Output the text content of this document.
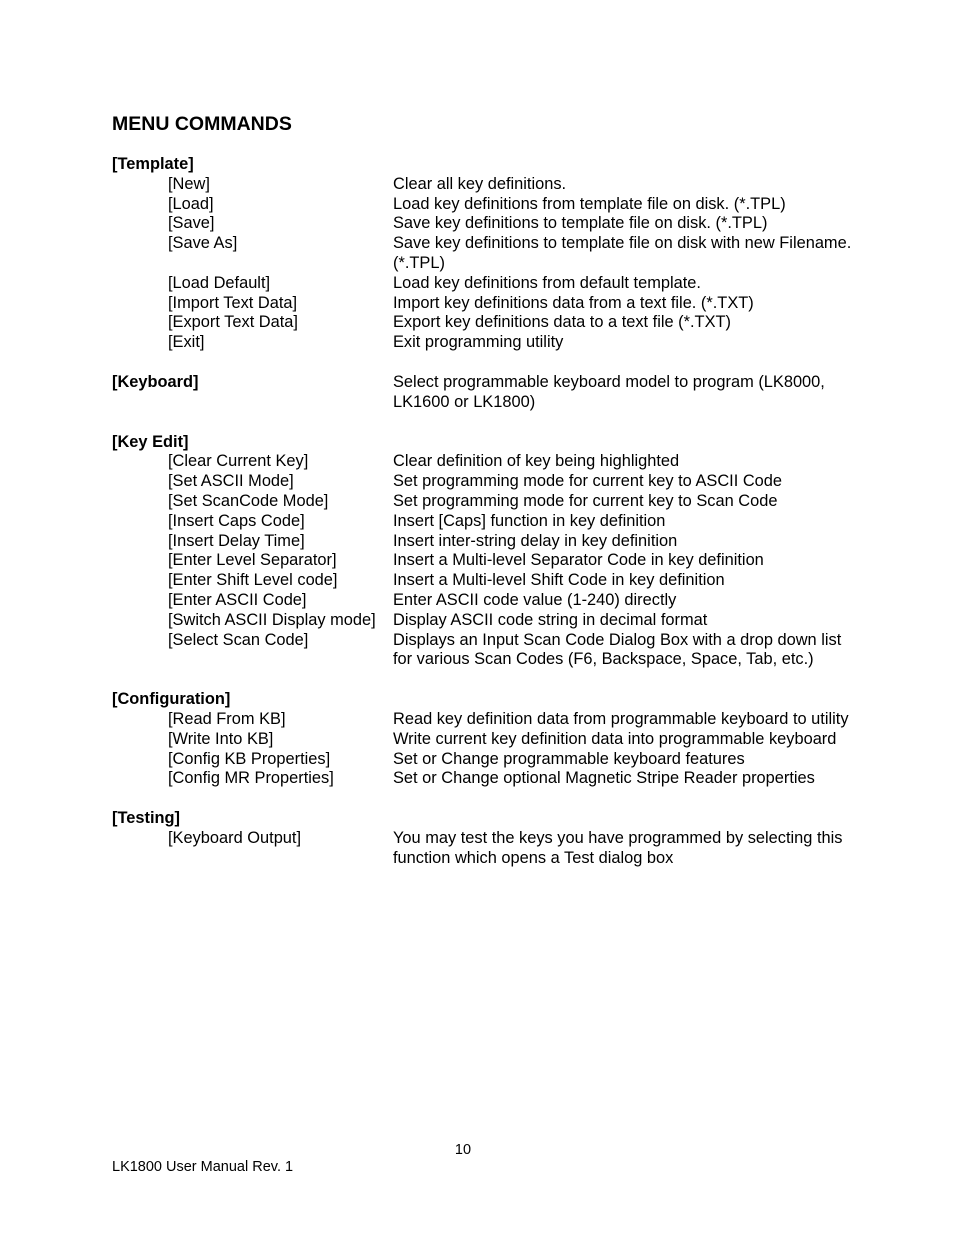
MENU COMMANDS
[Template]
[New]	Clear all key definitions.
[Load]	Load key definitions from template file on disk. (*.TPL)
[Save]	Save key definitions to template file on disk. (*.TPL)
[Save As]	Save key definitions to template file on disk with new Filename. (*.TPL)
[Load Default]	Load key definitions from default template.
[Import Text Data]	Import key definitions data from a text file. (*.TXT)
[Export Text Data]	Export key definitions data to a text file (*.TXT)
[Exit]	Exit programming utility
[Keyboard]	Select programmable keyboard model to program (LK8000, LK1600 or LK1800)
[Key Edit]
[Clear Current Key]	Clear definition of key being highlighted
[Set ASCII Mode]	Set programming mode for current key to ASCII Code
[Set ScanCode Mode]	Set programming mode for current key to Scan Code
[Insert Caps Code]	Insert [Caps] function in key definition
[Insert Delay Time]	Insert inter-string delay in key definition
[Enter Level Separator]	Insert a Multi-level Separator Code in key definition
[Enter Shift Level code]	Insert a Multi-level Shift Code in key definition
[Enter ASCII Code]	Enter ASCII code value (1-240) directly
[Switch ASCII Display mode] Display ASCII code string in decimal format
[Select Scan Code]	Displays an Input Scan Code Dialog Box with a drop down list for various Scan Codes (F6, Backspace, Space, Tab, etc.)
[Configuration]
[Read From KB]	Read key definition data from programmable keyboard to utility
[Write Into KB]	Write current key definition data into programmable keyboard
[Config KB Properties]	Set or Change programmable keyboard features
[Config MR Properties]	Set or Change optional Magnetic Stripe Reader properties
[Testing]
[Keyboard Output]	You may test the keys you have programmed by selecting this function which opens a Test dialog box
10
LK1800 User Manual Rev. 1
